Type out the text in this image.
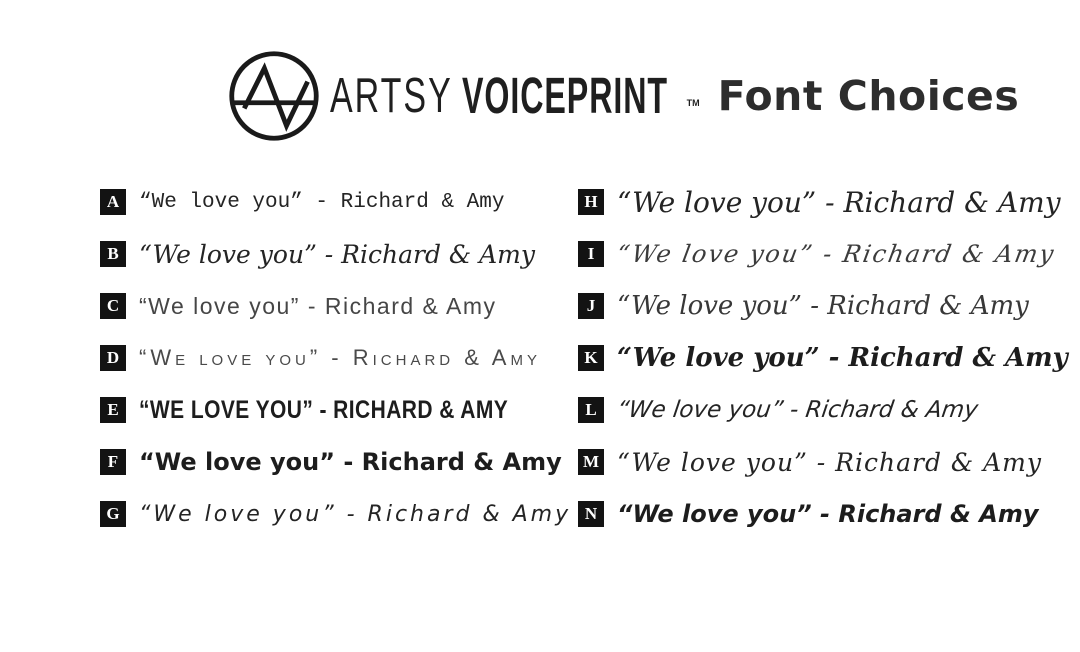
ARTSY VOICEPRINT TM Font Choices
A “We love you” - Richard & Amy
B “We love you” - Richard & Amy
C “We love you” - Richard & Amy
D “We love you” - Richard & Amy
E “WE LOVE YOU” - RICHARD & AMY
F “We love you” - Richard & Amy
G “We love you” - Richard & Amy
H “We love you” - Richard & Amy
I “We love you” - Richard & Amy
J “We love you” - Richard & Amy
K “We love you” - Richard & Amy
L “We love you” - Richard & Amy
M “We love you” - Richard & Amy
N “We love you” - Richard & Amy
